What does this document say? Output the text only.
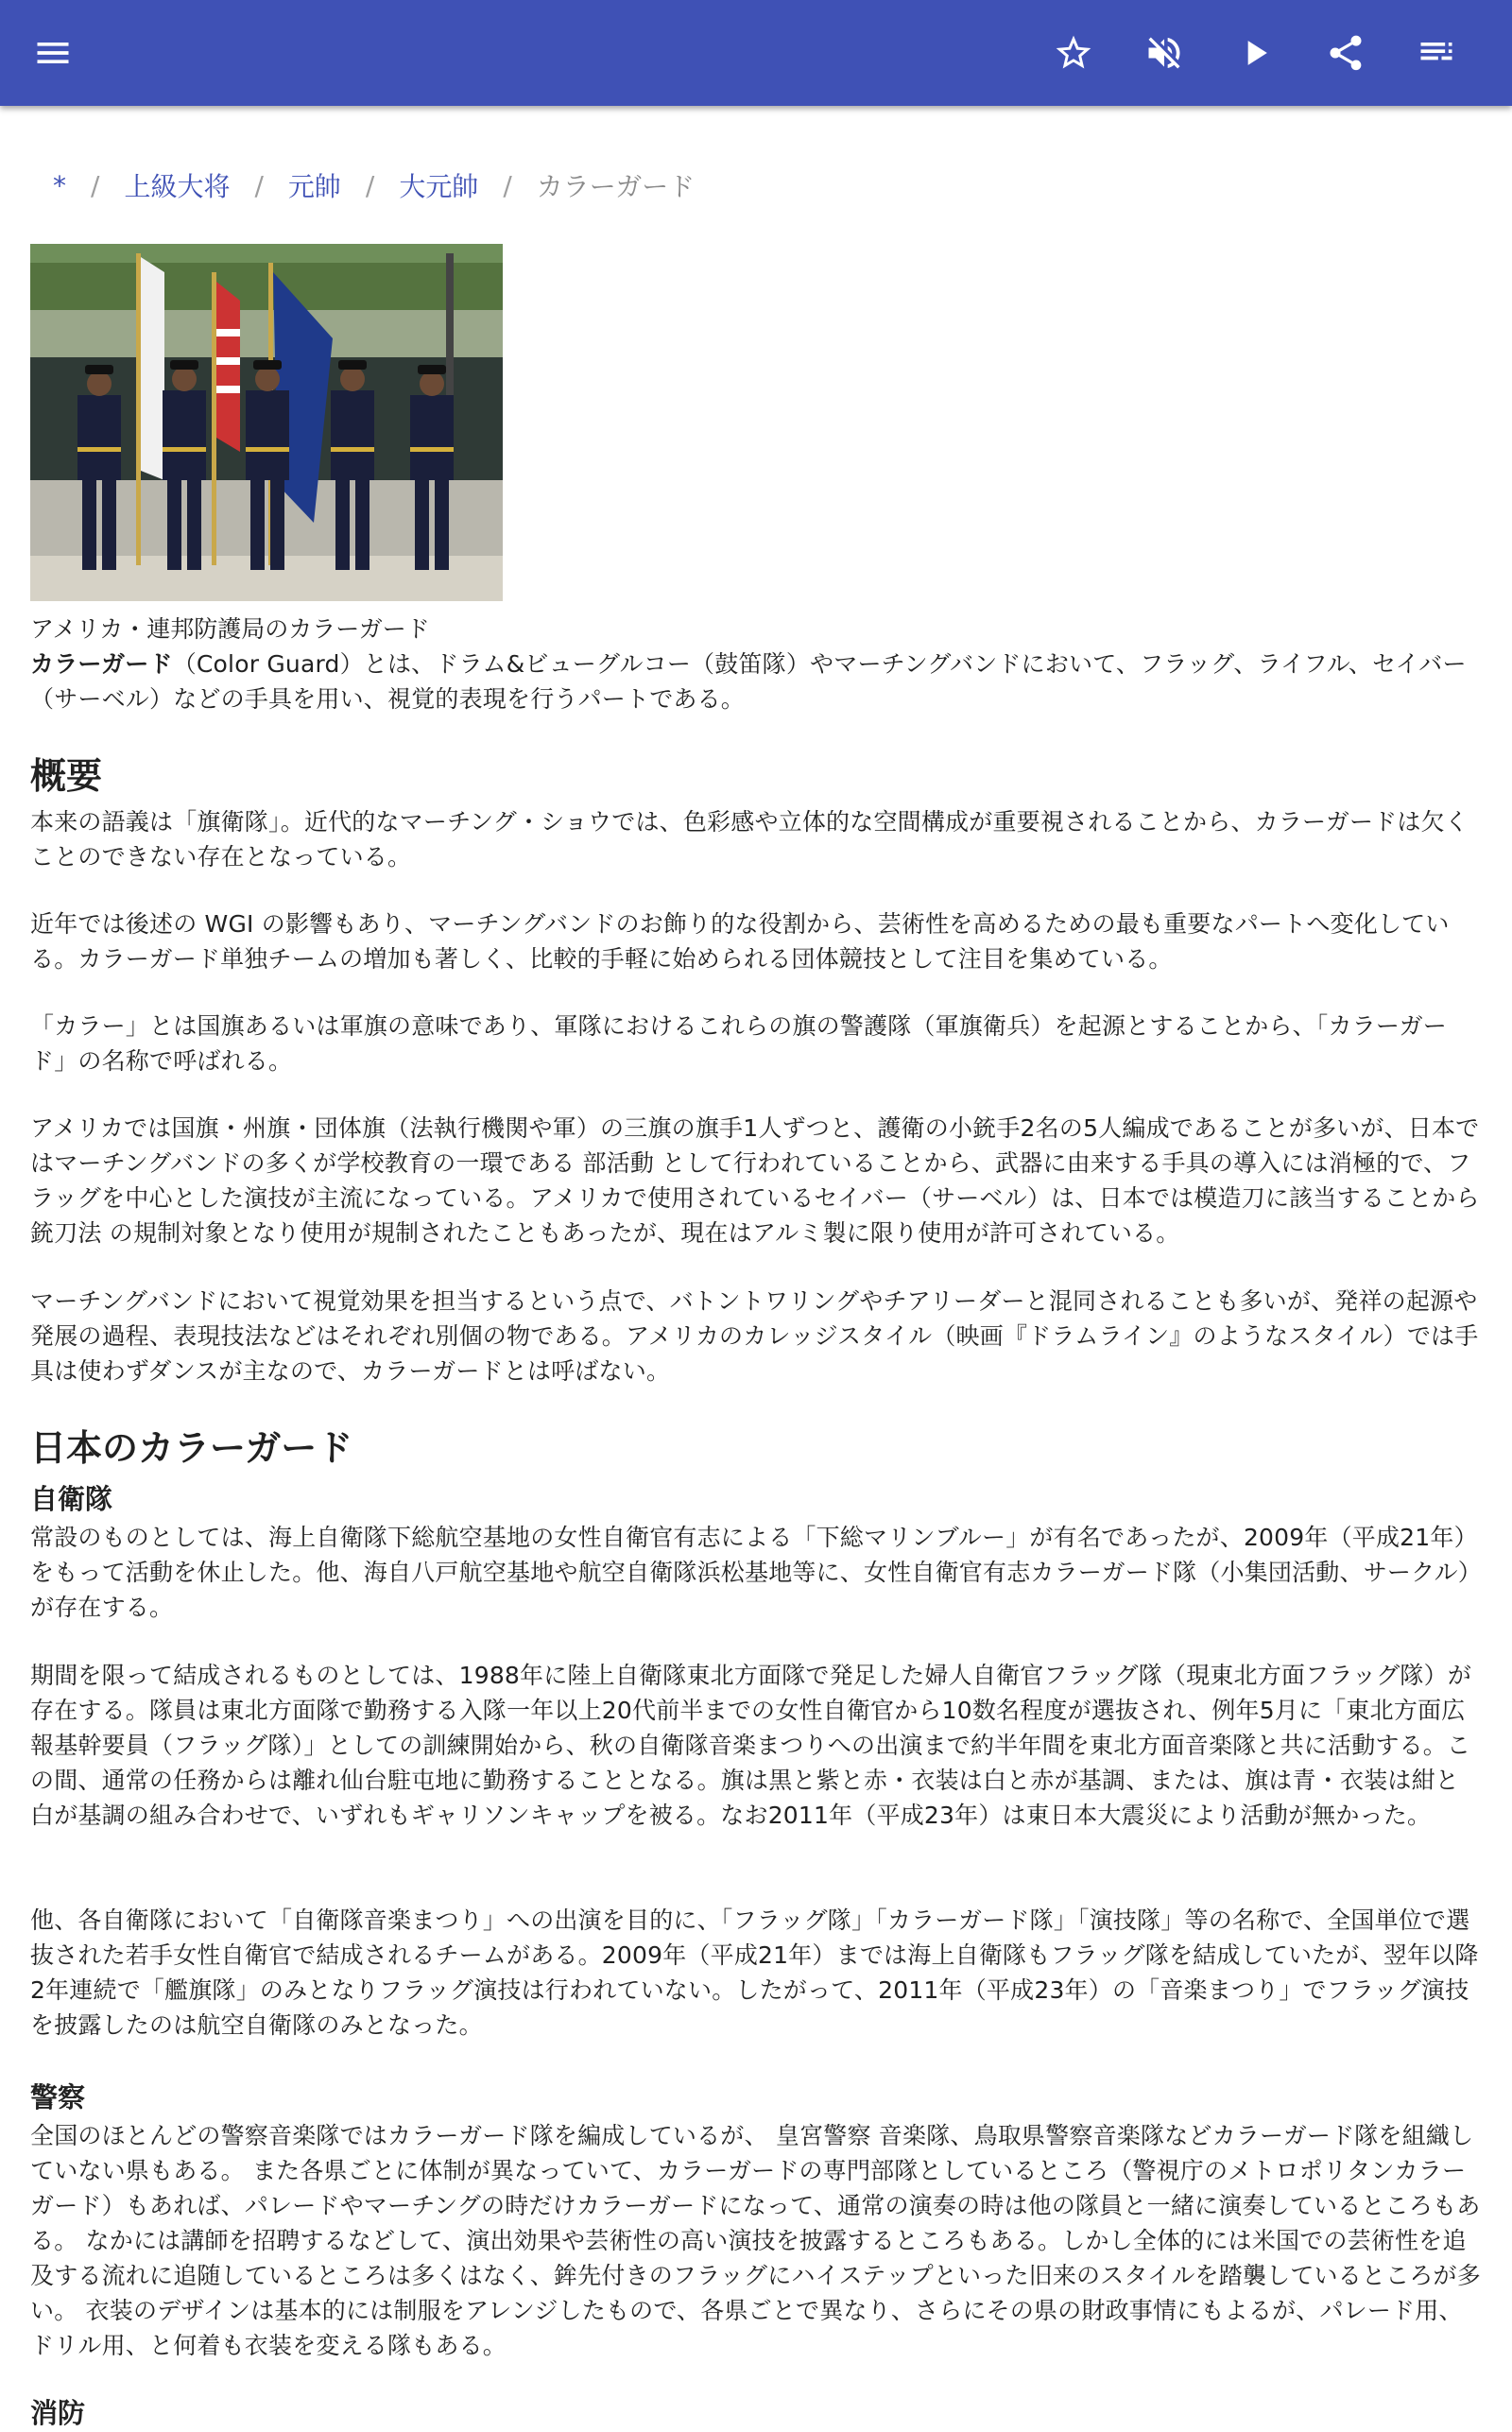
* / 上級大将 / 元帥 / 大元帥 / カラーガード
アメリカ・連邦防護局のカラーガード
カラーガード（Color Guard）とは、ドラム&ビューグルコー（鼓笛隊）やマーチングバンドにおいて、フラッグ、ライフル、セイバー（サーベル）などの手具を用い、視覚的表現を行うパートである。
概要
本来の語義は「旗衛隊」。近代的なマーチング・ショウでは、色彩感や立体的な空間構成が重要視されることから、カラーガードは欠くことのできない存在となっている。
近年では後述の WGI の影響もあり、マーチングバンドのお飾り的な役割から、芸術性を高めるための最も重要なパートへ変化している。カラーガード単独チームの増加も著しく、比較的手軽に始められる団体競技として注目を集めている。
「カラー」とは国旗あるいは軍旗の意味であり、軍隊におけるこれらの旗の警護隊（軍旗衛兵）を起源とすることから、「カラーガード」の名称で呼ばれる。
アメリカでは国旗・州旗・団体旗（法執行機関や軍）の三旗の旗手1人ずつと、護衛の小銃手2名の5人編成であることが多いが、日本ではマーチングバンドの多くが学校教育の一環である 部活動 として行われていることから、武器に由来する手具の導入には消極的で、フラッグを中心とした演技が主流になっている。アメリカで使用されているセイバー（サーベル）は、日本では模造刀に該当することから 銃刀法 の規制対象となり使用が規制されたこともあったが、現在はアルミ製に限り使用が許可されている。
マーチングバンドにおいて視覚効果を担当するという点で、バトントワリングやチアリーダーと混同されることも多いが、発祥の起源や発展の過程、表現技法などはそれぞれ別個の物である。アメリカのカレッジスタイル（映画『ドラムライン』のようなスタイル）では手具は使わずダンスが主なので、カラーガードとは呼ばない。
日本のカラーガード
自衛隊
常設のものとしては、海上自衛隊下総航空基地の女性自衛官有志による「下総マリンブルー」が有名であったが、2009年（平成21年）をもって活動を休止した。他、海自八戸航空基地や航空自衛隊浜松基地等に、女性自衛官有志カラーガード隊（小集団活動、サークル）が存在する。
期間を限って結成されるものとしては、1988年に陸上自衛隊東北方面隊で発足した婦人自衛官フラッグ隊（現東北方面フラッグ隊）が存在する。隊員は東北方面隊で勤務する入隊一年以上20代前半までの女性自衛官から10数名程度が選抜され、例年5月に「東北方面広報基幹要員（フラッグ隊）」としての訓練開始から、秋の自衛隊音楽まつりへの出演まで約半年間を東北方面音楽隊と共に活動する。この間、通常の任務からは離れ仙台駐屯地に勤務することとなる。旗は黒と紫と赤・衣装は白と赤が基調、または、旗は青・衣装は紺と白が基調の組み合わせで、いずれもギャリソンキャップを被る。なお2011年（平成23年）は東日本大震災により活動が無かった。
他、各自衛隊において「自衛隊音楽まつり」への出演を目的に、「フラッグ隊」「カラーガード隊」「演技隊」等の名称で、全国単位で選抜された若手女性自衛官で結成されるチームがある。2009年（平成21年）までは海上自衛隊もフラッグ隊を結成していたが、翌年以降2年連続で「艦旗隊」のみとなりフラッグ演技は行われていない。したがって、2011年（平成23年）の「音楽まつり」でフラッグ演技を披露したのは航空自衛隊のみとなった。
警察
全国のほとんどの警察音楽隊ではカラーガード隊を編成しているが、 皇宮警察 音楽隊、鳥取県警察音楽隊などカラーガード隊を組織していない県もある。 また各県ごとに体制が異なっていて、カラーガードの専門部隊としているところ（警視庁のメトロポリタンカラーガード）もあれば、パレードやマーチングの時だけカラーガードになって、通常の演奏の時は他の隊員と一緒に演奏しているところもある。 なかには講師を招聘するなどして、演出効果や芸術性の高い演技を披露するところもある。しかし全体的には米国での芸術性を追及する流れに追随しているところは多くはなく、鉾先付きのフラッグにハイステップといった旧来のスタイルを踏襲しているところが多い。 衣装のデザインは基本的には制服をアレンジしたもので、各県ごとで異なり、さらにその県の財政事情にもよるが、パレード用、ドリル用、と何着も衣装を変える隊もある。
消防
